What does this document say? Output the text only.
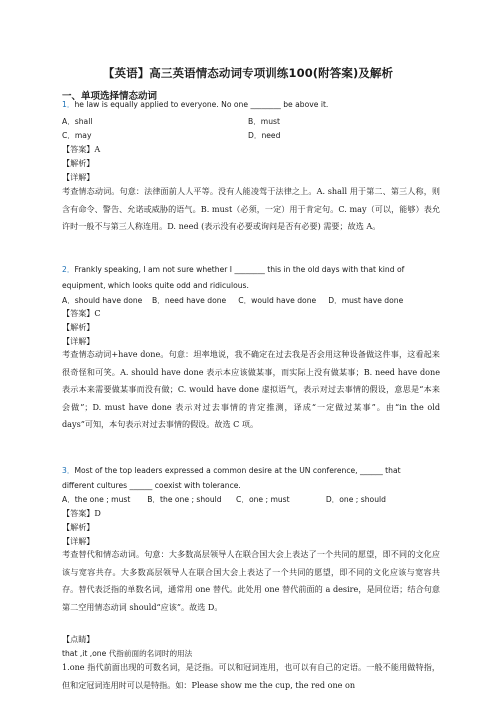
【英语】高三英语情态动词专项训练100(附答案)及解析
一、单项选择情态动词
1．he law is equally applied to everyone. No one ________ be above it.
A．shall	B．must
C．may	D．need
【答案】A
【解析】
【详解】
考查情态动词。句意：法律面前人人平等。没有人能凌驾于法律之上。A. shall 用于第二、第三人称，则含有命令、警告、允诺或威胁的语气。B. must（必须，一定）用于肯定句。C. may（可以，能够）表允许时一般不与第三人称连用。D. need (表示没有必要或询问是否有必要) 需要；故选 A。
2．Frankly speaking, I am not sure whether I ________ this in the old days with that kind of
equipment, which looks quite odd and ridiculous.
A．should have done    B．need have done     C．would have done     D．must have done
【答案】C
【解析】
【详解】
考查情态动词+have done。句意：坦率地说，我不确定在过去我是否会用这种设备做这件事，这看起来很奇怪和可笑。A. should have done 表示本应该做某事，而实际上没有做某事；B. need have done 表示本来需要做某事而没有做；C. would have done 虚拟语气，表示对过去事情的假设，意思是“本来会做”；D. must have done 表示对过去事情的肯定推测，译成“一定做过某事”。由“in the old days”可知，本句表示对过去事情的假设。故选 C 项。
3．Most of the top leaders expressed a common desire at the UN conference, ______ that
different cultures ______ coexist with tolerance.
A．the one ; must       B．the one ; should      C．one ; must               D．one ; should
【答案】D
【解析】
【详解】
考查替代和情态动词。句意：大多数高层领导人在联合国大会上表达了一个共同的愿望，即不同的文化应该与宽容共存。大多数高层领导人在联合国大会上表达了一个共同的愿望，即不同的文化应该与宽容共存。替代表泛指的单数名词，通常用 one 替代。此处用 one 替代前面的 a desire，是同位语；结合句意第二空用情态动词 should“应该”。故选 D。
【点睛】
that ,it ,one 代指前面的名词时的用法
1.one 指代前面出现的可数名词，是泛指。可以和冠词连用，也可以有自己的定语。一般不能用做特指，但和定冠词连用时可以是特指。如：Please show me the cup, the red one on
